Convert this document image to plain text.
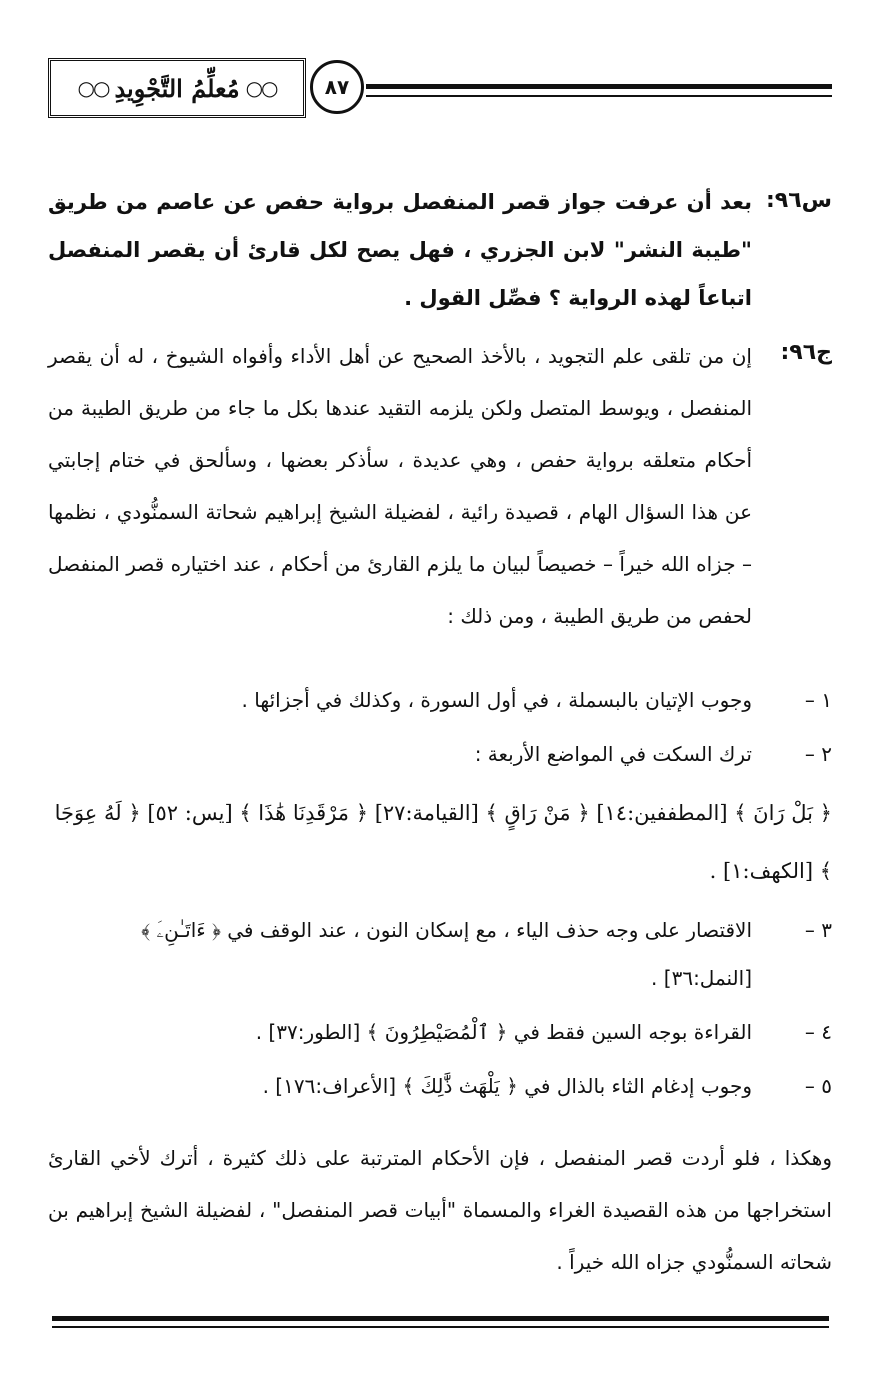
٨٧
○○
مُعلِّمُ التَّجْوِيدِ
○○
س٩٦:
بعد أن عرفت جواز قصر المنفصل برواية حفص عن عاصم من طريق "طيبة النشر" لابن الجزري ، فهل يصح لكل قارئ أن يقصر المنفصل اتباعاً لهذه الرواية ؟ فصِّل القول .
ج٩٦:
إن من تلقى علم التجويد ، بالأخذ الصحيح عن أهل الأداء وأفواه الشيوخ ، له أن يقصر المنفصل ، ويوسط المتصل ولكن يلزمه التقيد عندها بكل ما جاء من طريق الطيبة من أحكام متعلقه برواية حفص ، وهي عديدة ، سأذكر بعضها ، وسألحق في ختام إجابتي عن هذا السؤال الهام ، قصيدة رائية ، لفضيلة الشيخ إبراهيم شحاتة السمنُّودي ، نظمها – جزاه الله خيراً – خصيصاً لبيان ما يلزم القارئ من أحكام ، عند اختياره قصر المنفصل لحفص من طريق الطيبة ، ومن ذلك :
١ –
وجوب الإتيان بالبسملة ، في أول السورة ، وكذلك في أجزائها .
٢ –
ترك السكت في المواضع الأربعة :
﴿ بَلْ رَانَ ﴾ [المطففين:١٤] ﴿ مَنْ رَاقٍ ﴾ [القيامة:٢٧] ﴿ مَرْقَدِنَا هَٰذَا ﴾ [يس: ٥٢] ﴿ لَهُ عِوَجَا ﴾ [الكهف:١] .
٣ –
الاقتصار على وجه حذف الياء ، مع إسكان النون ، عند الوقف في ﴿ ءَاتَـٰنِۦَ ﴾ [النمل:٣٦] .
٤ –
القراءة بوجه السين فقط في ﴿ ٱلْمُصَيْطِرُونَ ﴾ [الطور:٣٧] .
٥ –
وجوب إدغام الثاء بالذال في ﴿ يَلْهَث ذَّٰلِكَ ﴾ [الأعراف:١٧٦] .
وهكذا ، فلو أردت قصر المنفصل ، فإن الأحكام المترتبة على ذلك كثيرة ، أترك لأخي القارئ استخراجها من هذه القصيدة الغراء والمسماة "أبيات قصر المنفصل" ، لفضيلة الشيخ إبراهيم بن شحاته السمنُّودي جزاه الله خيراً .
